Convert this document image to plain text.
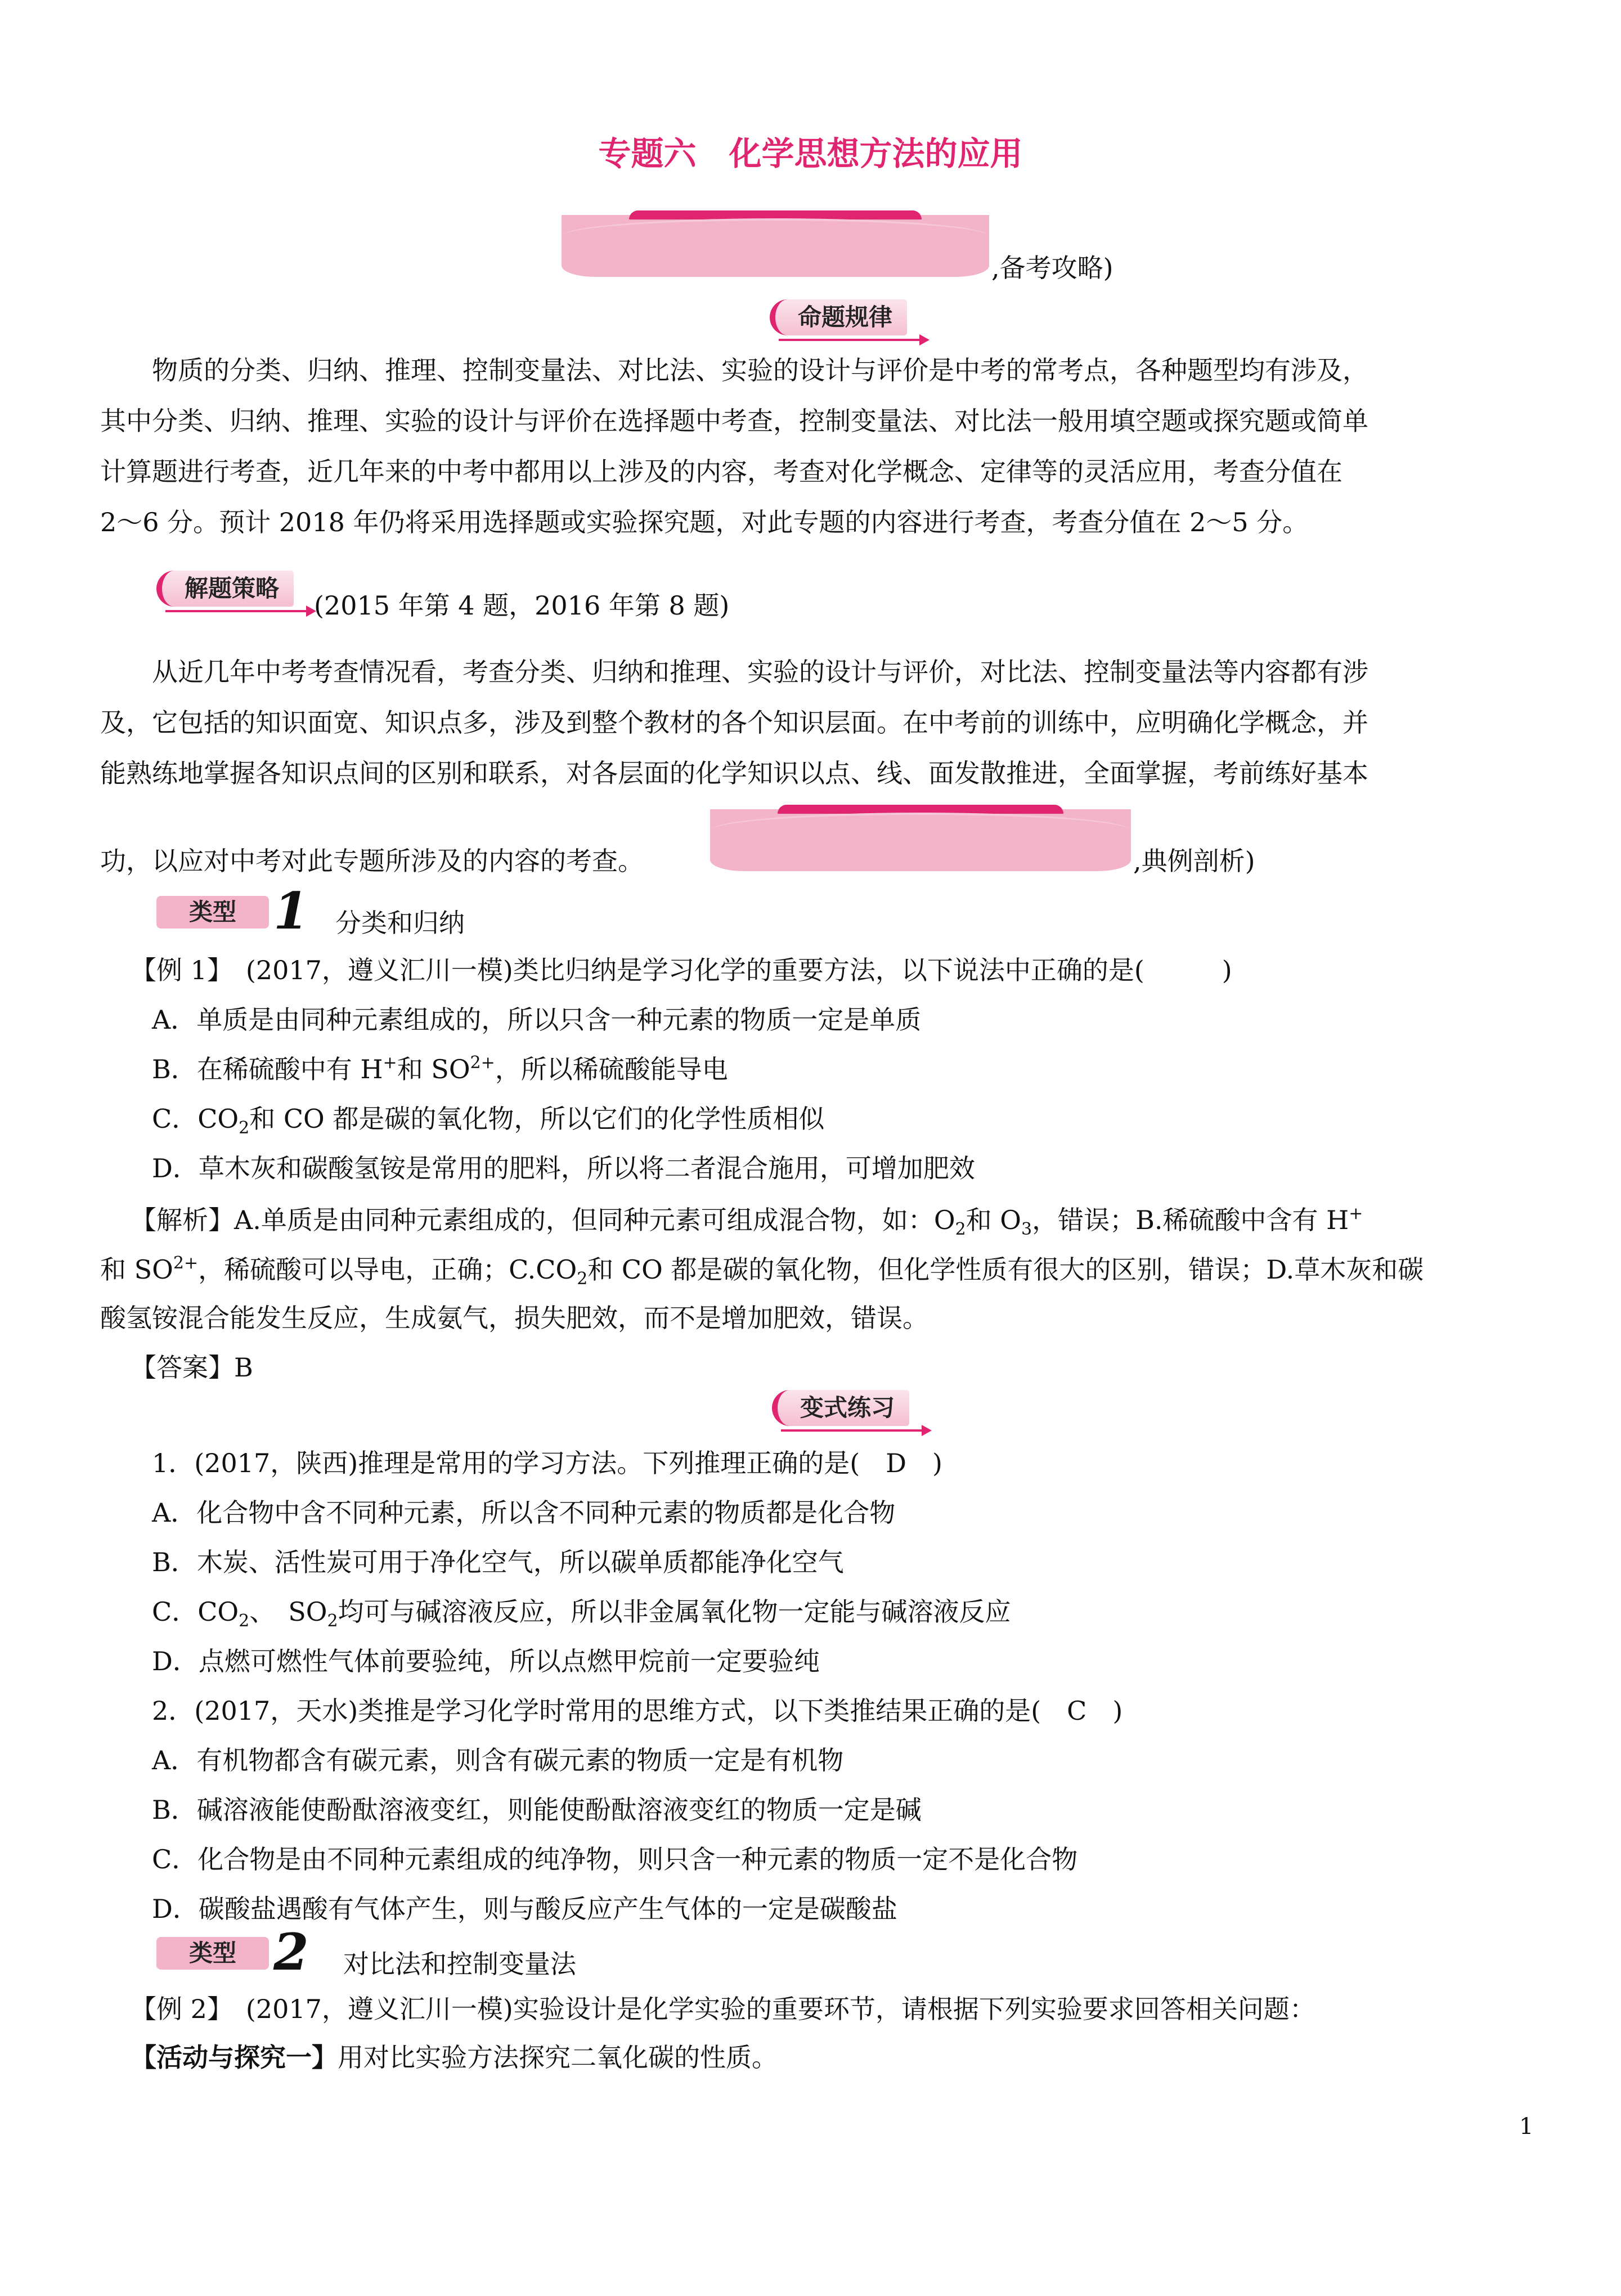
专题六　化学思想方法的应用
,备考攻略)
命题规律
物质的分类、归纳、推理、控制变量法、对比法、实验的设计与评价是中考的常考点，各种题型均有涉及，
其中分类、归纳、推理、实验的设计与评价在选择题中考查，控制变量法、对比法一般用填空题或探究题或简单
计算题进行考查，近几年来的中考中都用以上涉及的内容，考查对化学概念、定律等的灵活应用，考查分值在
2～6 分。预计 2018 年仍将采用选择题或实验探究题，对此专题的内容进行考查，考查分值在 2～5 分。
解题策略
(2015 年第 4 题，2016 年第 8 题)
从近几年中考考查情况看，考查分类、归纳和推理、实验的设计与评价，对比法、控制变量法等内容都有涉
及，它包括的知识面宽、知识点多，涉及到整个教材的各个知识层面。在中考前的训练中，应明确化学概念，并
能熟练地掌握各知识点间的区别和联系，对各层面的化学知识以点、线、面发散推进，全面掌握，考前练好基本
功，以应对中考对此专题所涉及的内容的考查。	,典例剖析)
类型 1 分类和归纳
【例 1】　(2017，遵义汇川一模)类比归纳是学习化学的重要方法，以下说法中正确的是(　　　)
A．单质是由同种元素组成的，所以只含一种元素的物质一定是单质
B．在稀硫酸中有 H+和 $SO^{2+}$，所以稀硫酸能导电
C．$CO_2$和 CO 都是碳的氧化物，所以它们的化学性质相似
D．草木灰和碳酸氢铵是常用的肥料，所以将二者混合施用，可增加肥效
【解析】A.单质是由同种元素组成的，但同种元素可组成混合物，如：$O_2$和 $O_3$，错误；B.稀硫酸中含有 H+
和 $SO^{2+}$，稀硫酸可以导电，正确；$C.CO_2$和 CO 都是碳的氧化物，但化学性质有很大的区别，错误；D.草木灰和碳
酸氢铵混合能发生反应，生成氨气，损失肥效，而不是增加肥效，错误。
【答案】B
变式练习
1．(2017，陕西)推理是常用的学习方法。下列推理正确的是(　D　)
A．化合物中含不同种元素，所以含不同种元素的物质都是化合物
B．木炭、活性炭可用于净化空气，所以碳单质都能净化空气
C．$CO_2$、　$SO_2$均可与碱溶液反应，所以非金属氧化物一定能与碱溶液反应
D．点燃可燃性气体前要验纯，所以点燃甲烷前一定要验纯
2．(2017，天水)类推是学习化学时常用的思维方式，以下类推结果正确的是(　C　)
A．有机物都含有碳元素，则含有碳元素的物质一定是有机物
B．碱溶液能使酚酞溶液变红，则能使酚酞溶液变红的物质一定是碱
C．化合物是由不同种元素组成的纯净物，则只含一种元素的物质一定不是化合物
D．碳酸盐遇酸有气体产生，则与酸反应产生气体的一定是碳酸盐
类型 2 对比法和控制变量法
【例 2】　(2017，遵义汇川一模)实验设计是化学实验的重要环节，请根据下列实验要求回答相关问题：
【活动与探究一】用对比实验方法探究二氧化碳的性质。
1
